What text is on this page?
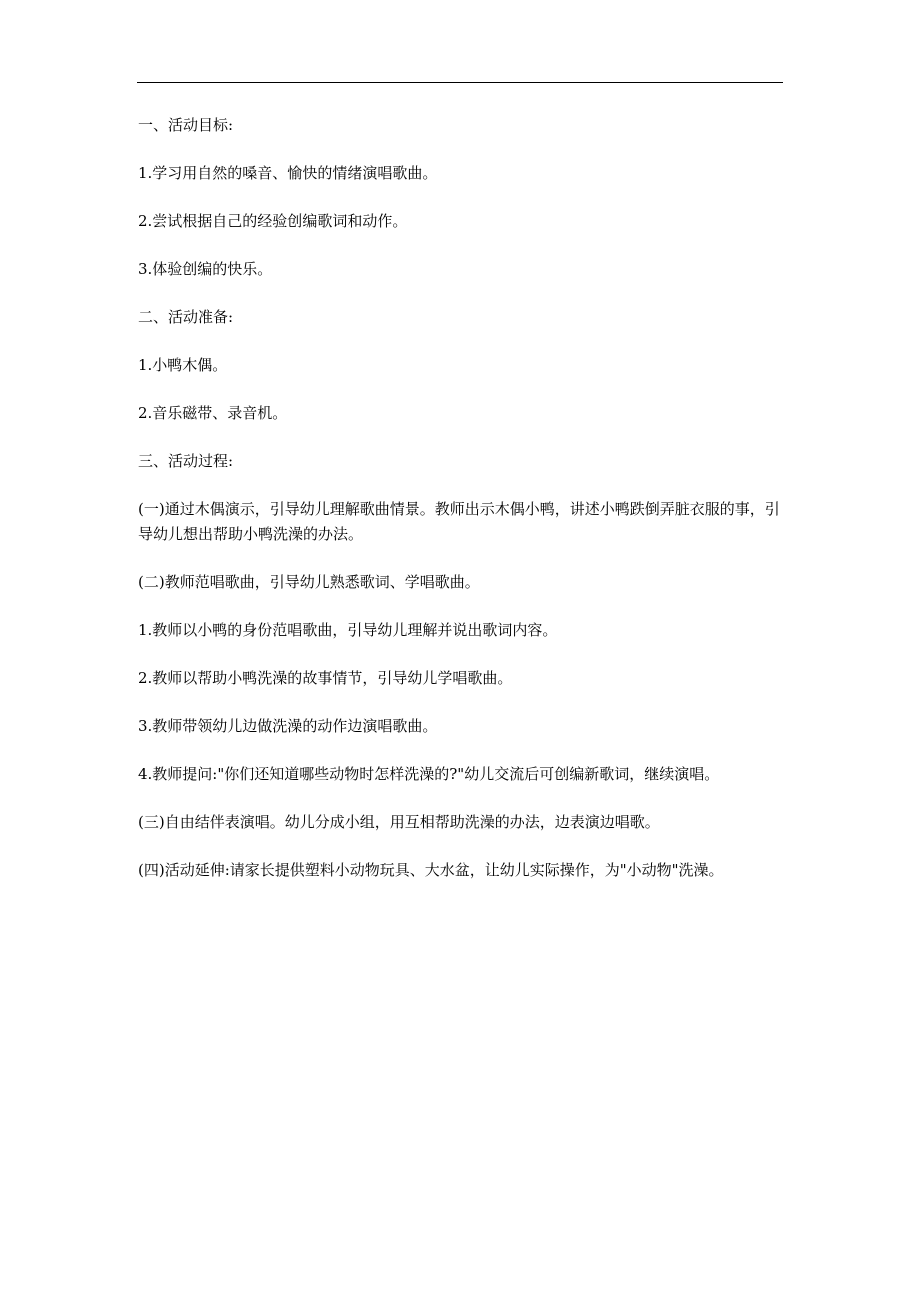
一、活动目标:

1.学习用自然的嗓音、愉快的情绪演唱歌曲。

2.尝试根据自己的经验创编歌词和动作。

3.体验创编的快乐。

二、活动准备:

1.小鸭木偶。

2.音乐磁带、录音机。

三、活动过程:

(一)通过木偶演示，引导幼儿理解歌曲情景。教师出示木偶小鸭，讲述小鸭跌倒弄脏衣服的事，引导幼儿想出帮助小鸭洗澡的办法。

(二)教师范唱歌曲，引导幼儿熟悉歌词、学唱歌曲。

1.教师以小鸭的身份范唱歌曲，引导幼儿理解并说出歌词内容。

2.教师以帮助小鸭洗澡的故事情节，引导幼儿学唱歌曲。

3.教师带领幼儿边做洗澡的动作边演唱歌曲。

4.教师提问:"你们还知道哪些动物时怎样洗澡的?"幼儿交流后可创编新歌词，继续演唱。

(三)自由结伴表演唱。幼儿分成小组，用互相帮助洗澡的办法，边表演边唱歌。

(四)活动延伸:请家长提供塑料小动物玩具、大水盆，让幼儿实际操作，为"小动物"洗澡。
